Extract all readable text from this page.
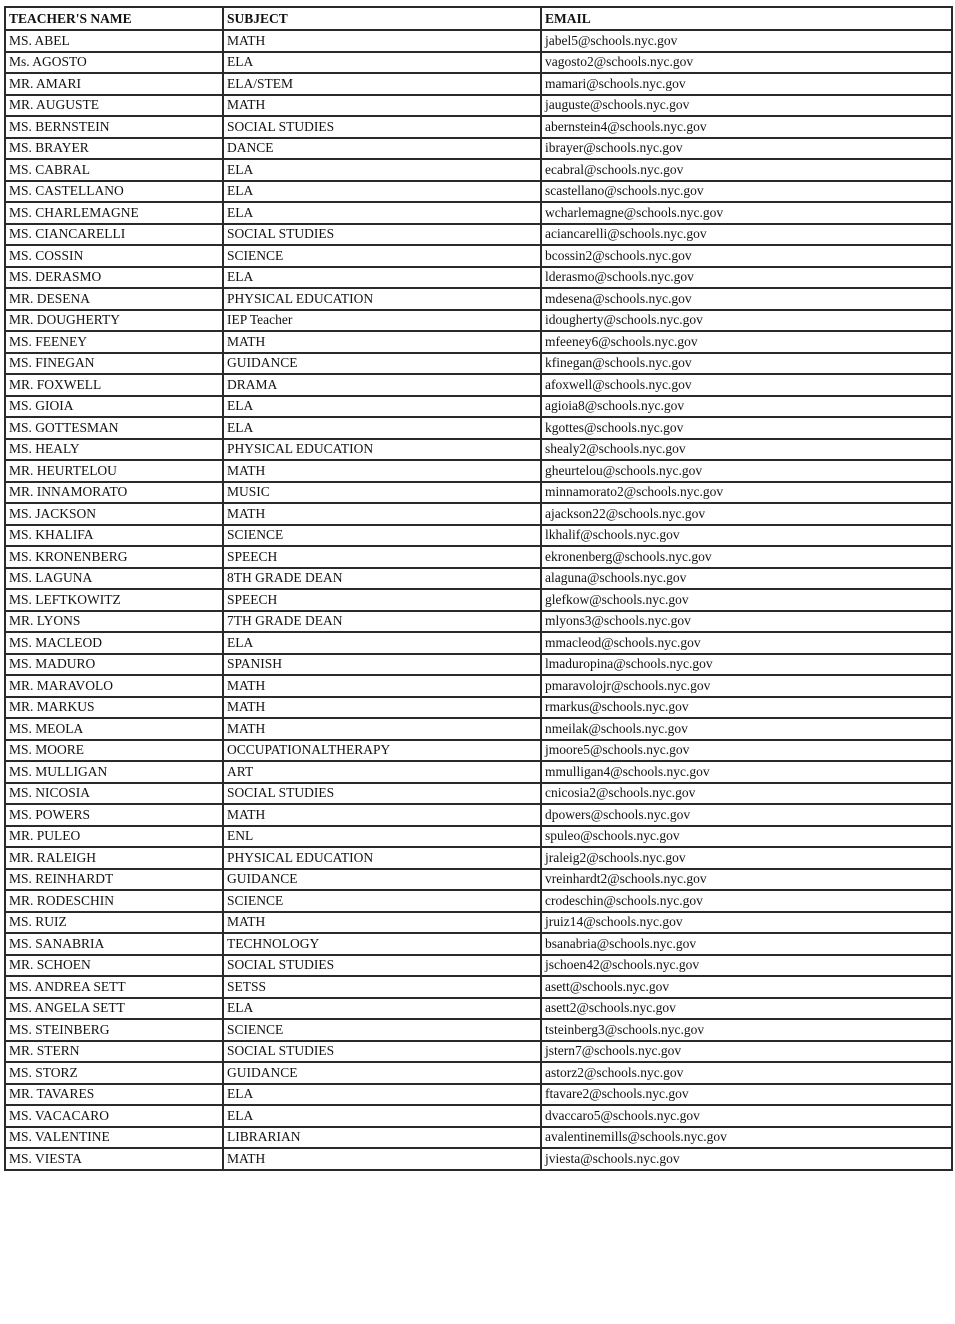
TEACHER'S NAME	SUBJECT	EMAIL
MS. ABEL	MATH	jabel5@schools.nyc.gov
Ms. AGOSTO	ELA	vagosto2@schools.nyc.gov
MR. AMARI	ELA/STEM	mamari@schools.nyc.gov
MR. AUGUSTE	MATH	jauguste@schools.nyc.gov
MS. BERNSTEIN	SOCIAL STUDIES	abernstein4@schools.nyc.gov
MS. BRAYER	DANCE	ibrayer@schools.nyc.gov
MS. CABRAL	ELA	ecabral@schools.nyc.gov
MS. CASTELLANO	ELA	scastellano@schools.nyc.gov
MS. CHARLEMAGNE	ELA	wcharlemagne@schools.nyc.gov
MS. CIANCARELLI	SOCIAL STUDIES	aciancarelli@schools.nyc.gov
MS. COSSIN	SCIENCE	bcossin2@schools.nyc.gov
MS. DERASMO	ELA	lderasmo@schools.nyc.gov
MR. DESENA	PHYSICAL EDUCATION	mdesena@schools.nyc.gov
MR. DOUGHERTY	IEP Teacher	idougherty@schools.nyc.gov
MS. FEENEY	MATH	mfeeney6@schools.nyc.gov
MS. FINEGAN	GUIDANCE	kfinegan@schools.nyc.gov
MR. FOXWELL	DRAMA	afoxwell@schools.nyc.gov
MS. GIOIA	ELA	agioia8@schools.nyc.gov
MS. GOTTESMAN	ELA	kgottes@schools.nyc.gov
MS. HEALY	PHYSICAL EDUCATION	shealy2@schools.nyc.gov
MR. HEURTELOU	MATH	gheurtelou@schools.nyc.gov
MR. INNAMORATO	MUSIC	minnamorato2@schools.nyc.gov
MS. JACKSON	MATH	ajackson22@schools.nyc.gov
MS. KHALIFA	SCIENCE	lkhalif@schools.nyc.gov
MS. KRONENBERG	SPEECH	ekronenberg@schools.nyc.gov
MS. LAGUNA	8TH GRADE DEAN	alaguna@schools.nyc.gov
MS. LEFTKOWITZ	SPEECH	glefkow@schools.nyc.gov
MR. LYONS	7TH GRADE DEAN	mlyons3@schools.nyc.gov
MS. MACLEOD	ELA	mmacleod@schools.nyc.gov
MS. MADURO	SPANISH	lmaduropina@schools.nyc.gov
MR. MARAVOLO	MATH	pmaravolojr@schools.nyc.gov
MR. MARKUS	MATH	rmarkus@schools.nyc.gov
MS. MEOLA	MATH	nmeilak@schools.nyc.gov
MS. MOORE	OCCUPATIONALTHERAPY	jmoore5@schools.nyc.gov
MS. MULLIGAN	ART	mmulligan4@schools.nyc.gov
MS. NICOSIA	SOCIAL STUDIES	cnicosia2@schools.nyc.gov
MS. POWERS	MATH	dpowers@schools.nyc.gov
MR. PULEO	ENL	spuleo@schools.nyc.gov
MR. RALEIGH	PHYSICAL EDUCATION	jraleig2@schools.nyc.gov
MS. REINHARDT	GUIDANCE	vreinhardt2@schools.nyc.gov
MR. RODESCHIN	SCIENCE	crodeschin@schools.nyc.gov
MS. RUIZ	MATH	jruiz14@schools.nyc.gov
MS. SANABRIA	TECHNOLOGY	bsanabria@schools.nyc.gov
MR. SCHOEN	SOCIAL STUDIES	jschoen42@schools.nyc.gov
MS. ANDREA SETT	SETSS	asett@schools.nyc.gov
MS. ANGELA SETT	ELA	asett2@schools.nyc.gov
MS. STEINBERG	SCIENCE	tsteinberg3@schools.nyc.gov
MR. STERN	SOCIAL STUDIES	jstern7@schools.nyc.gov
MS. STORZ	GUIDANCE	astorz2@schools.nyc.gov
MR. TAVARES	ELA	ftavare2@schools.nyc.gov
MS. VACACARO	ELA	dvaccaro5@schools.nyc.gov
MS. VALENTINE	LIBRARIAN	avalentinemills@schools.nyc.gov
MS. VIESTA	MATH	jviesta@schools.nyc.gov
